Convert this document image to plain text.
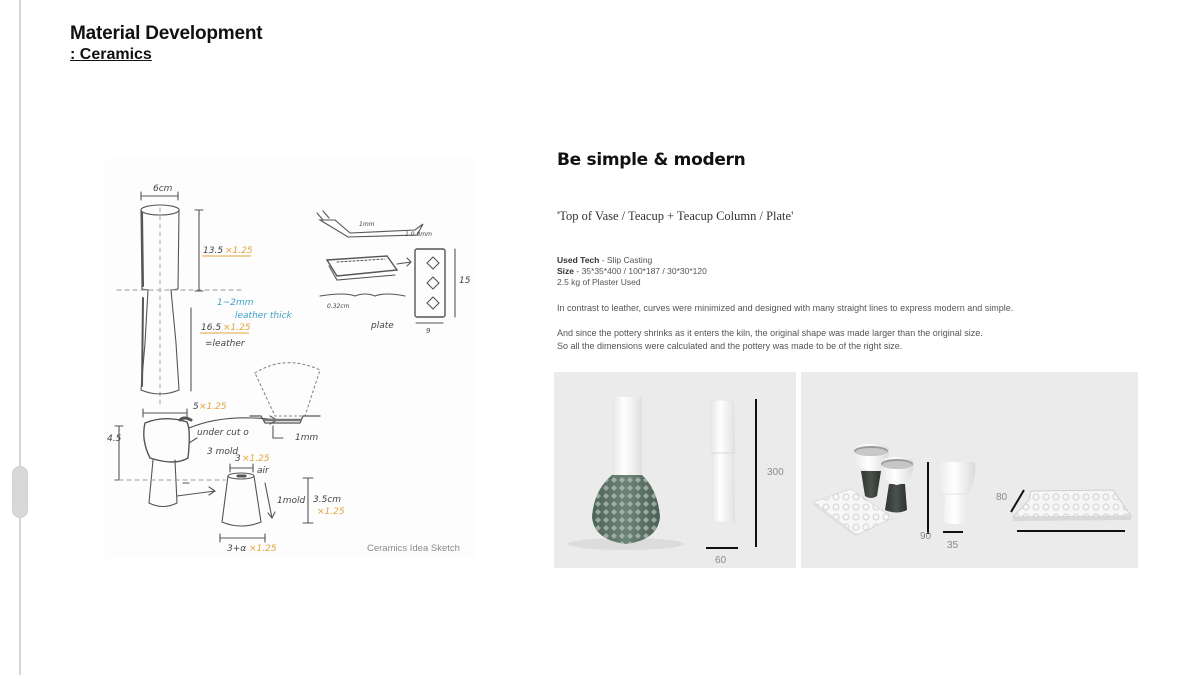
Material Development
: Ceramics
6cm
13.5 ×1.25
1~2mm
leather thick
16.5 ×1.25
=leather
5 ×1.25
4.5
under cut o
3 mold
3 ×1.25
air
1mold 3.5cm
×1.25
3+α ×1.25
1mm
15
9
plate
1mm
1.0.8mm
0.32cm
Ceramics Idea Sketch
Be simple & modern
'Top of Vase / Teacup + Teacup Column / Plate'
Used Tech - Slip Casting
Size - 35*35*400 / 100*187 / 30*30*120
2.5 kg of Plaster Used
In contrast to leather, curves were minimized and designed with many straight lines to express modern and simple.
And since the pottery shrinks as it enters the kiln, the original shape was made larger than the original size.
So all the dimensions were calculated and the pottery was made to be of the right size.
300
60
90
35
80
